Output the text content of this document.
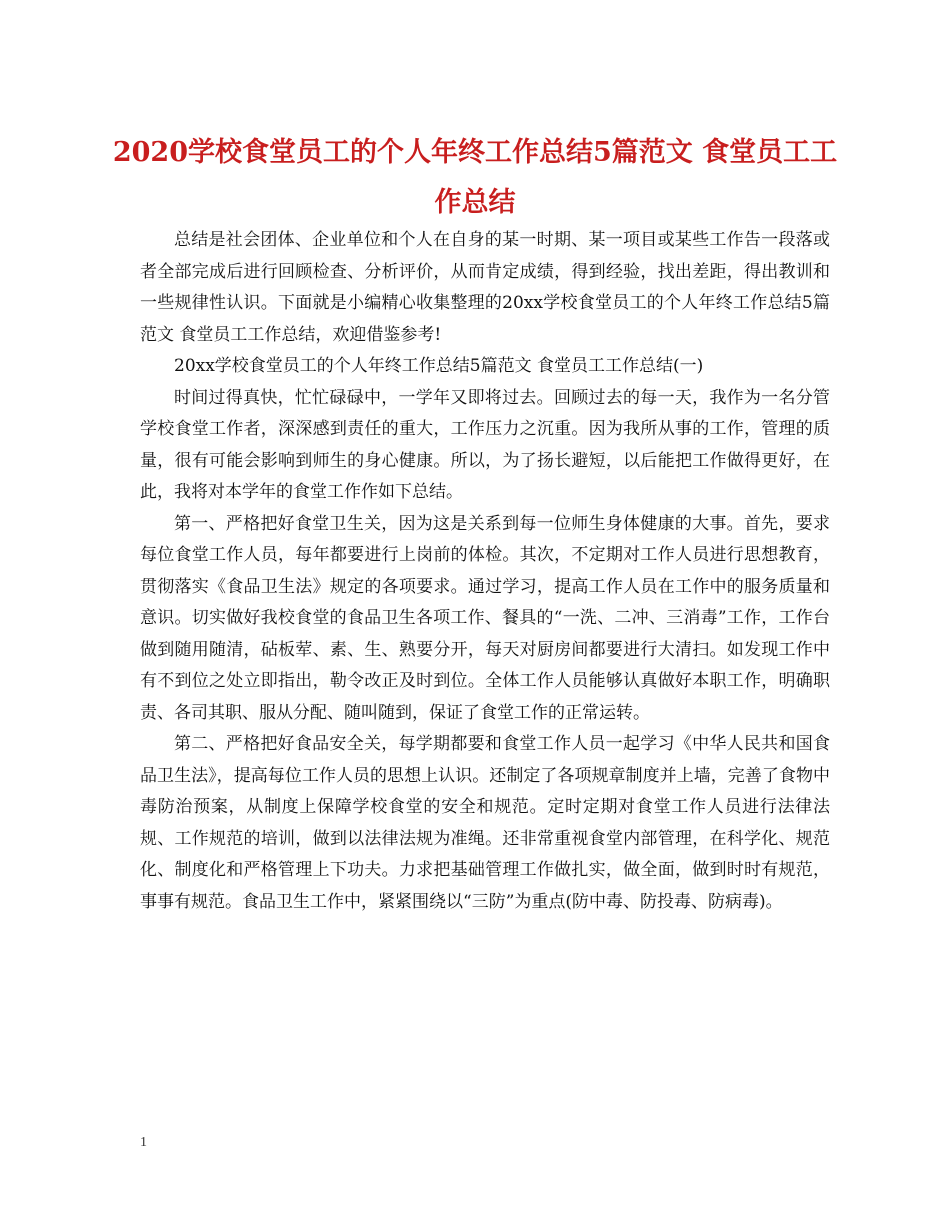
2020学校食堂员工的个人年终工作总结5篇范文 食堂员工工作总结

总结是社会团体、企业单位和个人在自身的某一时期、某一项目或某些工作告一段落或者全部完成后进行回顾检查、分析评价，从而肯定成绩，得到经验，找出差距，得出教训和一些规律性认识。下面就是小编精心收集整理的20xx学校食堂员工的个人年终工作总结5篇范文 食堂员工工作总结，欢迎借鉴参考!

20xx学校食堂员工的个人年终工作总结5篇范文 食堂员工工作总结(一)

时间过得真快，忙忙碌碌中，一学年又即将过去。回顾过去的每一天，我作为一名分管学校食堂工作者，深深感到责任的重大，工作压力之沉重。因为我所从事的工作，管理的质量，很有可能会影响到师生的身心健康。所以，为了扬长避短，以后能把工作做得更好，在此，我将对本学年的食堂工作作如下总结。

第一、严格把好食堂卫生关，因为这是关系到每一位师生身体健康的大事。首先，要求每位食堂工作人员，每年都要进行上岗前的体检。其次，不定期对工作人员进行思想教育，贯彻落实《食品卫生法》规定的各项要求。通过学习，提高工作人员在工作中的服务质量和意识。切实做好我校食堂的食品卫生各项工作、餐具的“一洗、二冲、三消毒”工作，工作台做到随用随清，砧板荤、素、生、熟要分开，每天对厨房间都要进行大清扫。如发现工作中有不到位之处立即指出，勒令改正及时到位。全体工作人员能够认真做好本职工作，明确职责、各司其职、服从分配、随叫随到，保证了食堂工作的正常运转。

第二、严格把好食品安全关，每学期都要和食堂工作人员一起学习《中华人民共和国食品卫生法》，提高每位工作人员的思想上认识。还制定了各项规章制度并上墙，完善了食物中毒防治预案，从制度上保障学校食堂的安全和规范。定时定期对食堂工作人员进行法律法规、工作规范的培训，做到以法律法规为准绳。还非常重视食堂内部管理，在科学化、规范化、制度化和严格管理上下功夫。力求把基础管理工作做扎实，做全面，做到时时有规范，事事有规范。食品卫生工作中，紧紧围绕以“三防”为重点(防中毒、防投毒、防病毒)。

1
